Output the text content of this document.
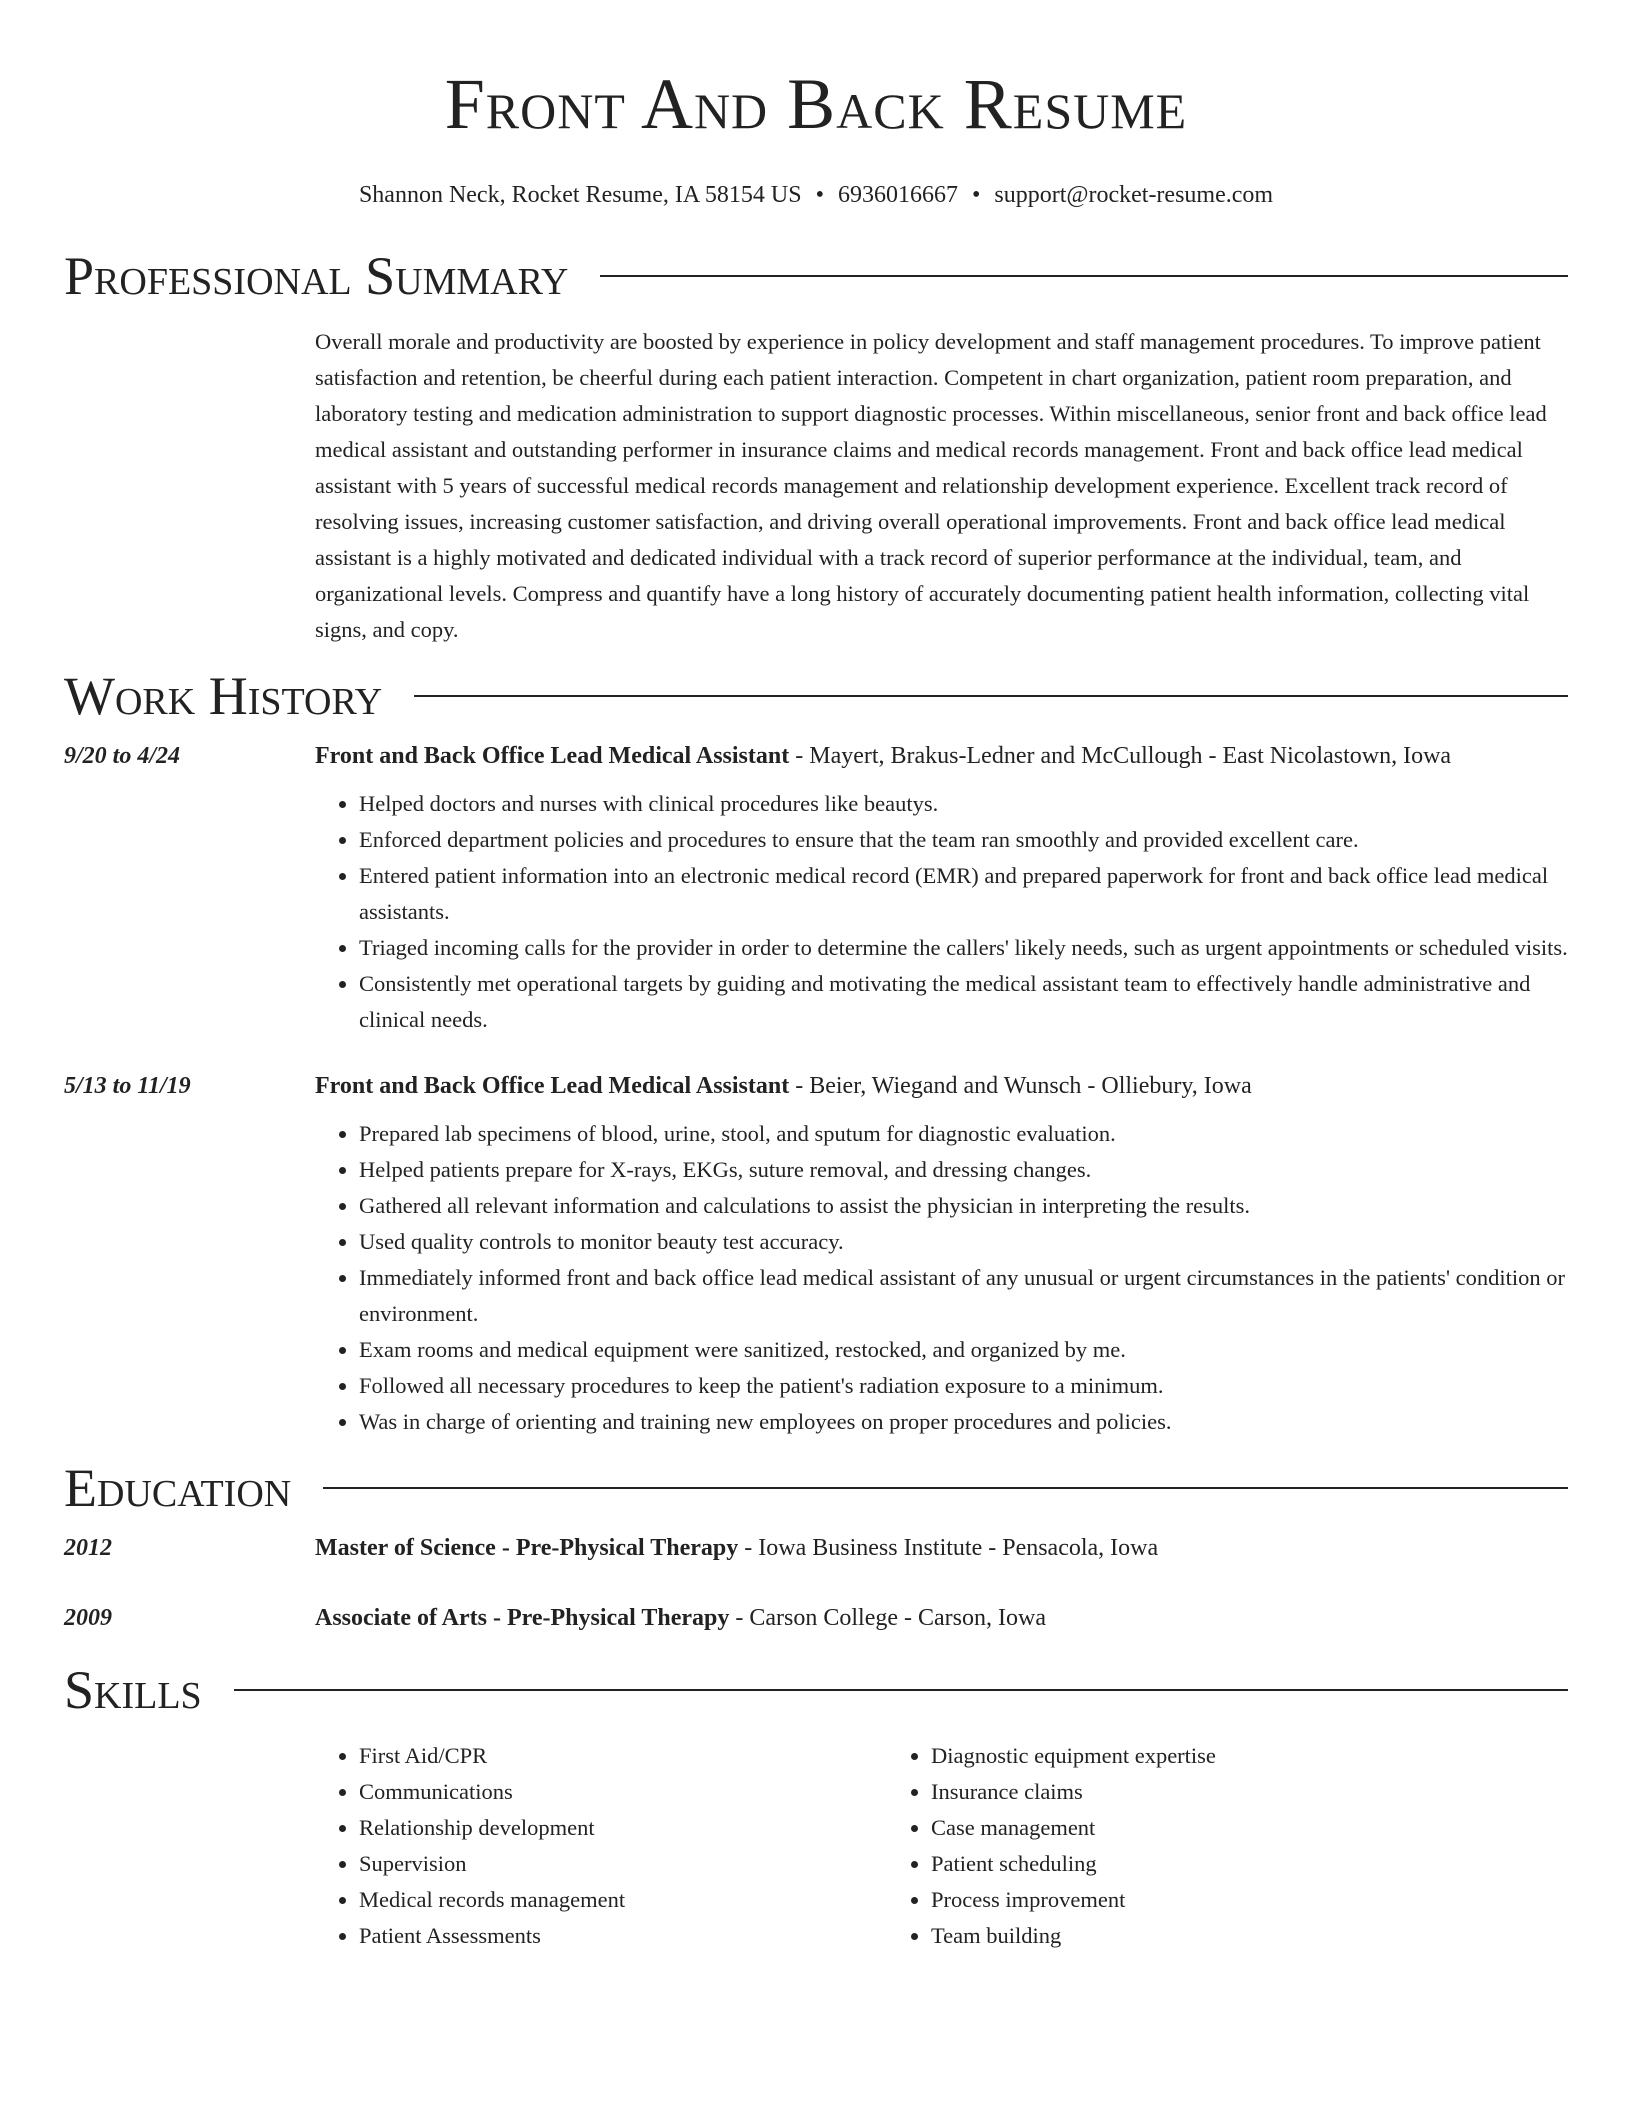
Front And Back Resume
Shannon Neck, Rocket Resume, IA 58154 US • 6936016667 • support@rocket-resume.com
Professional Summary

Overall morale and productivity are boosted by experience in policy development and staff management procedures. To improve patient satisfaction and retention, be cheerful during each patient interaction. Competent in chart organization, patient room preparation, and laboratory testing and medication administration to support diagnostic processes. Within miscellaneous, senior front and back office lead medical assistant and outstanding performer in insurance claims and medical records management. Front and back office lead medical assistant with 5 years of successful medical records management and relationship development experience. Excellent track record of resolving issues, increasing customer satisfaction, and driving overall operational improvements. Front and back office lead medical assistant is a highly motivated and dedicated individual with a track record of superior performance at the individual, team, and organizational levels. Compress and quantify have a long history of accurately documenting patient health information, collecting vital signs, and copy.

Work History
9/20 to 4/24	Front and Back Office Lead Medical Assistant - Mayert, Brakus-Ledner and McCullough - East Nicolastown, Iowa
• Helped doctors and nurses with clinical procedures like beautys.
• Enforced department policies and procedures to ensure that the team ran smoothly and provided excellent care.
• Entered patient information into an electronic medical record (EMR) and prepared paperwork for front and back office lead medical assistants.
• Triaged incoming calls for the provider in order to determine the callers' likely needs, such as urgent appointments or scheduled visits.
• Consistently met operational targets by guiding and motivating the medical assistant team to effectively handle administrative and clinical needs.
5/13 to 11/19	Front and Back Office Lead Medical Assistant - Beier, Wiegand and Wunsch - Olliebury, Iowa
• Prepared lab specimens of blood, urine, stool, and sputum for diagnostic evaluation.
• Helped patients prepare for X-rays, EKGs, suture removal, and dressing changes.
• Gathered all relevant information and calculations to assist the physician in interpreting the results.
• Used quality controls to monitor beauty test accuracy.
• Immediately informed front and back office lead medical assistant of any unusual or urgent circumstances in the patients' condition or environment.
• Exam rooms and medical equipment were sanitized, restocked, and organized by me.
• Followed all necessary procedures to keep the patient's radiation exposure to a minimum.
• Was in charge of orienting and training new employees on proper procedures and policies.
Education
2012	Master of Science - Pre-Physical Therapy - Iowa Business Institute - Pensacola, Iowa
2009	Associate of Arts - Pre-Physical Therapy - Carson College - Carson, Iowa
Skills
• First Aid/CPR
• Communications
• Relationship development
• Supervision
• Medical records management
• Patient Assessments
• Diagnostic equipment expertise
• Insurance claims
• Case management
• Patient scheduling
• Process improvement
• Team building
